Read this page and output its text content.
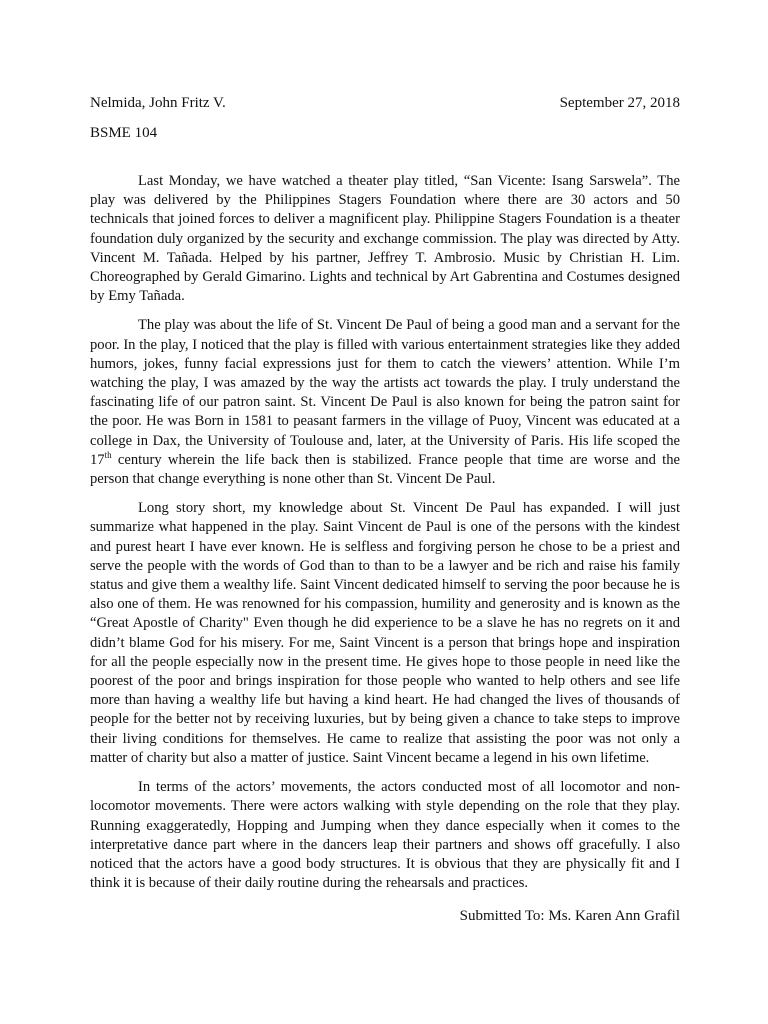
Nelmida, John Fritz V.	September 27, 2018
BSME 104

Last Monday, we have watched a theater play titled, “San Vicente: Isang Sarswela”. The play was delivered by the Philippines Stagers Foundation where there are 30 actors and 50 technicals that joined forces to deliver a magnificent play. Philippine Stagers Foundation is a theater foundation duly organized by the security and exchange commission. The play was directed by Atty. Vincent M. Tañada. Helped by his partner, Jeffrey T. Ambrosio. Music by Christian H. Lim. Choreographed by Gerald Gimarino. Lights and technical by Art Gabrentina and Costumes designed by Emy Tañada.

The play was about the life of St. Vincent De Paul of being a good man and a servant for the poor. In the play, I noticed that the play is filled with various entertainment strategies like they added humors, jokes, funny facial expressions just for them to catch the viewers’ attention. While I’m watching the play, I was amazed by the way the artists act towards the play. I truly understand the fascinating life of our patron saint. St. Vincent De Paul is also known for being the patron saint for the poor. He was Born in 1581 to peasant farmers in the village of Puoy, Vincent was educated at a college in Dax, the University of Toulouse and, later, at the University of Paris. His life scoped the 17th century wherein the life back then is stabilized. France people that time are worse and the person that change everything is none other than St. Vincent De Paul.

Long story short, my knowledge about St. Vincent De Paul has expanded. I will just summarize what happened in the play. Saint Vincent de Paul is one of the persons with the kindest and purest heart I have ever known. He is selfless and forgiving person he chose to be a priest and serve the people with the words of God than to than to be a lawyer and be rich and raise his family status and give them a wealthy life. Saint Vincent dedicated himself to serving the poor because he is also one of them. He was renowned for his compassion, humility and generosity and is known as the “Great Apostle of Charity" Even though he did experience to be a slave he has no regrets on it and didn’t blame God for his misery. For me, Saint Vincent is a person that brings hope and inspiration for all the people especially now in the present time. He gives hope to those people in need like the poorest of the poor and brings inspiration for those people who wanted to help others and see life more than having a wealthy life but having a kind heart. He had changed the lives of thousands of people for the better not by receiving luxuries, but by being given a chance to take steps to improve their living conditions for themselves. He came to realize that assisting the poor was not only a matter of charity but also a matter of justice. Saint Vincent became a legend in his own lifetime.

In terms of the actors’ movements, the actors conducted most of all locomotor and non-locomotor movements. There were actors walking with style depending on the role that they play. Running exaggeratedly, Hopping and Jumping when they dance especially when it comes to the interpretative dance part where in the dancers leap their partners and shows off gracefully. I also noticed that the actors have a good body structures. It is obvious that they are physically fit and I think it is because of their daily routine during the rehearsals and practices.

Submitted To: Ms. Karen Ann Grafil
